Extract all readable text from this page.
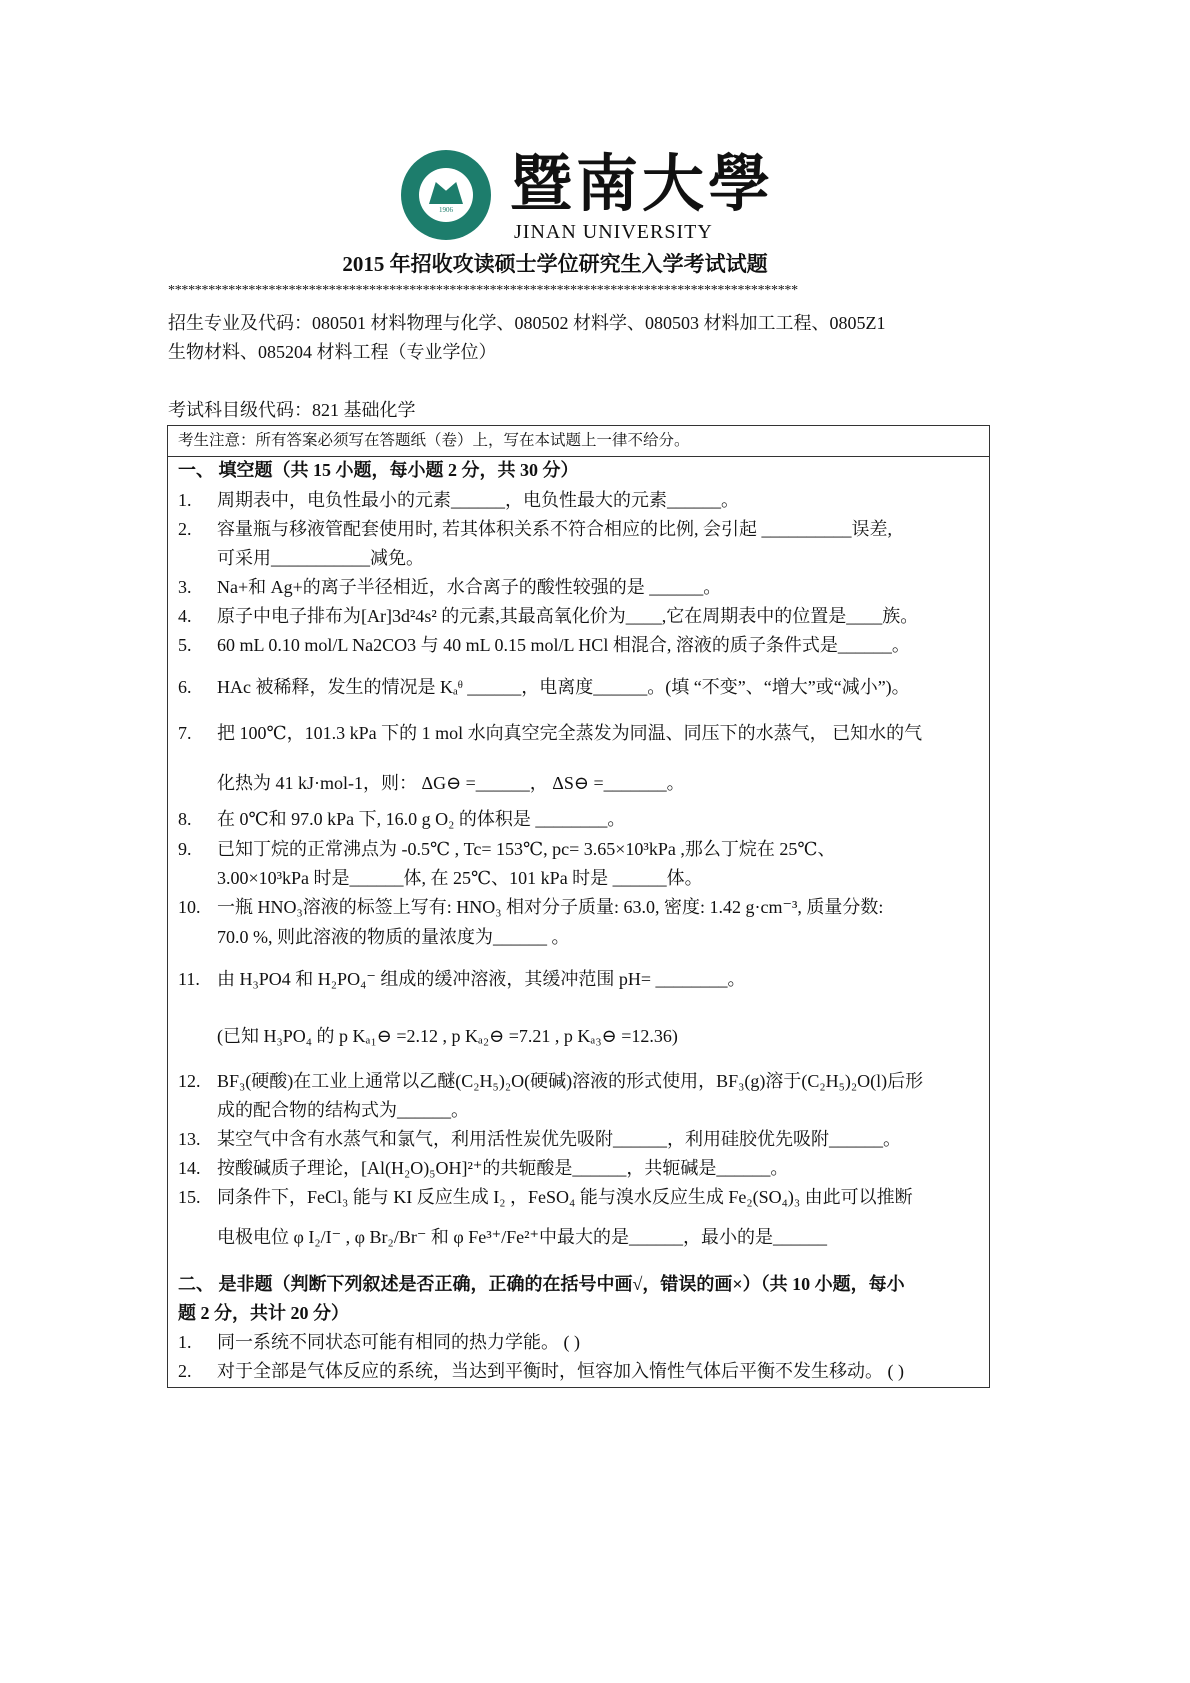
1906 暨南大學
JINAN UNIVERSITY
2015 年招收攻读硕士学位研究生入学考试试题
**********************************************************************************************
招生专业及代码：080501 材料物理与化学、080502 材料学、080503 材料加工工程、0805Z1
生物材料、085204 材料工程（专业学位）
考试科目级代码：821 基础化学
考生注意：所有答案必须写在答题纸（卷）上，写在本试题上一律不给分。
一、 填空题（共 15 小题，每小题 2 分，共 30 分）
1. 周期表中，电负性最小的元素______，电负性最大的元素______。
2. 容量瓶与移液管配套使用时, 若其体积关系不符合相应的比例, 会引起 __________误差,
可采用___________减免。
3. Na+和 Ag+的离子半径相近，水合离子的酸性较强的是 ______。
4. 原子中电子排布为[Ar]3d²4s² 的元素,其最高氧化价为____,它在周期表中的位置是____族。
5. 60 mL 0.10 mol/L Na2CO3 与 40 mL 0.15 mol/L HCl 相混合, 溶液的质子条件式是______。
6. HAc 被稀释，发生的情况是 Kₐᶿ ______，电离度______。(填 “不变”、“增大”或“减小”)。
7. 把 100℃，101.3 kPa 下的 1 mol 水向真空完全蒸发为同温、同压下的水蒸气， 已知水的气
化热为 41 kJ·mol-1，则： ΔG⊖ =______， ΔS⊖ =_______。
8. 在 0℃和 97.0 kPa 下, 16.0 g O₂ 的体积是 ________。
9. 已知丁烷的正常沸点为 -0.5℃ , Tc= 153℃, pc= 3.65×10³kPa ,那么丁烷在 25℃、
3.00×10³kPa 时是______体, 在 25℃、101 kPa 时是 ______体。
10. 一瓶 HNO₃溶液的标签上写有: HNO₃ 相对分子质量: 63.0, 密度: 1.42 g·cm⁻³, 质量分数:
70.0 %, 则此溶液的物质的量浓度为______ 。
11. 由 H₃PO4 和 H₂PO₄⁻ 组成的缓冲溶液，其缓冲范围 pH= ________。
(已知 H₃PO₄ 的 p Kₐ₁⊖ =2.12 , p Kₐ₂⊖ =7.21 , p Kₐ₃⊖ =12.36)
12. BF₃(硬酸)在工业上通常以乙醚(C₂H₅)₂O(硬碱)溶液的形式使用，BF₃(g)溶于(C₂H₅)₂O(l)后形
成的配合物的结构式为______。
13. 某空气中含有水蒸气和氯气，利用活性炭优先吸附______，利用硅胶优先吸附______。
14. 按酸碱质子理论，[Al(H₂O)₅OH]²⁺的共轭酸是______，共轭碱是______。
15. 同条件下，FeCl₃ 能与 KI 反应生成 I₂ ，FeSO₄ 能与溴水反应生成 Fe₂(SO₄)₃ 由此可以推断
电极电位 φ I₂/I⁻ , φ Br₂/Br⁻ 和 φ Fe³⁺/Fe²⁺中最大的是______，最小的是______
二、 是非题（判断下列叙述是否正确，正确的在括号中画√，错误的画×）（共 10 小题，每小
题 2 分，共计 20 分）
1. 同一系统不同状态可能有相同的热力学能。 ( )
2. 对于全部是气体反应的系统，当达到平衡时，恒容加入惰性气体后平衡不发生移动。 ( )
